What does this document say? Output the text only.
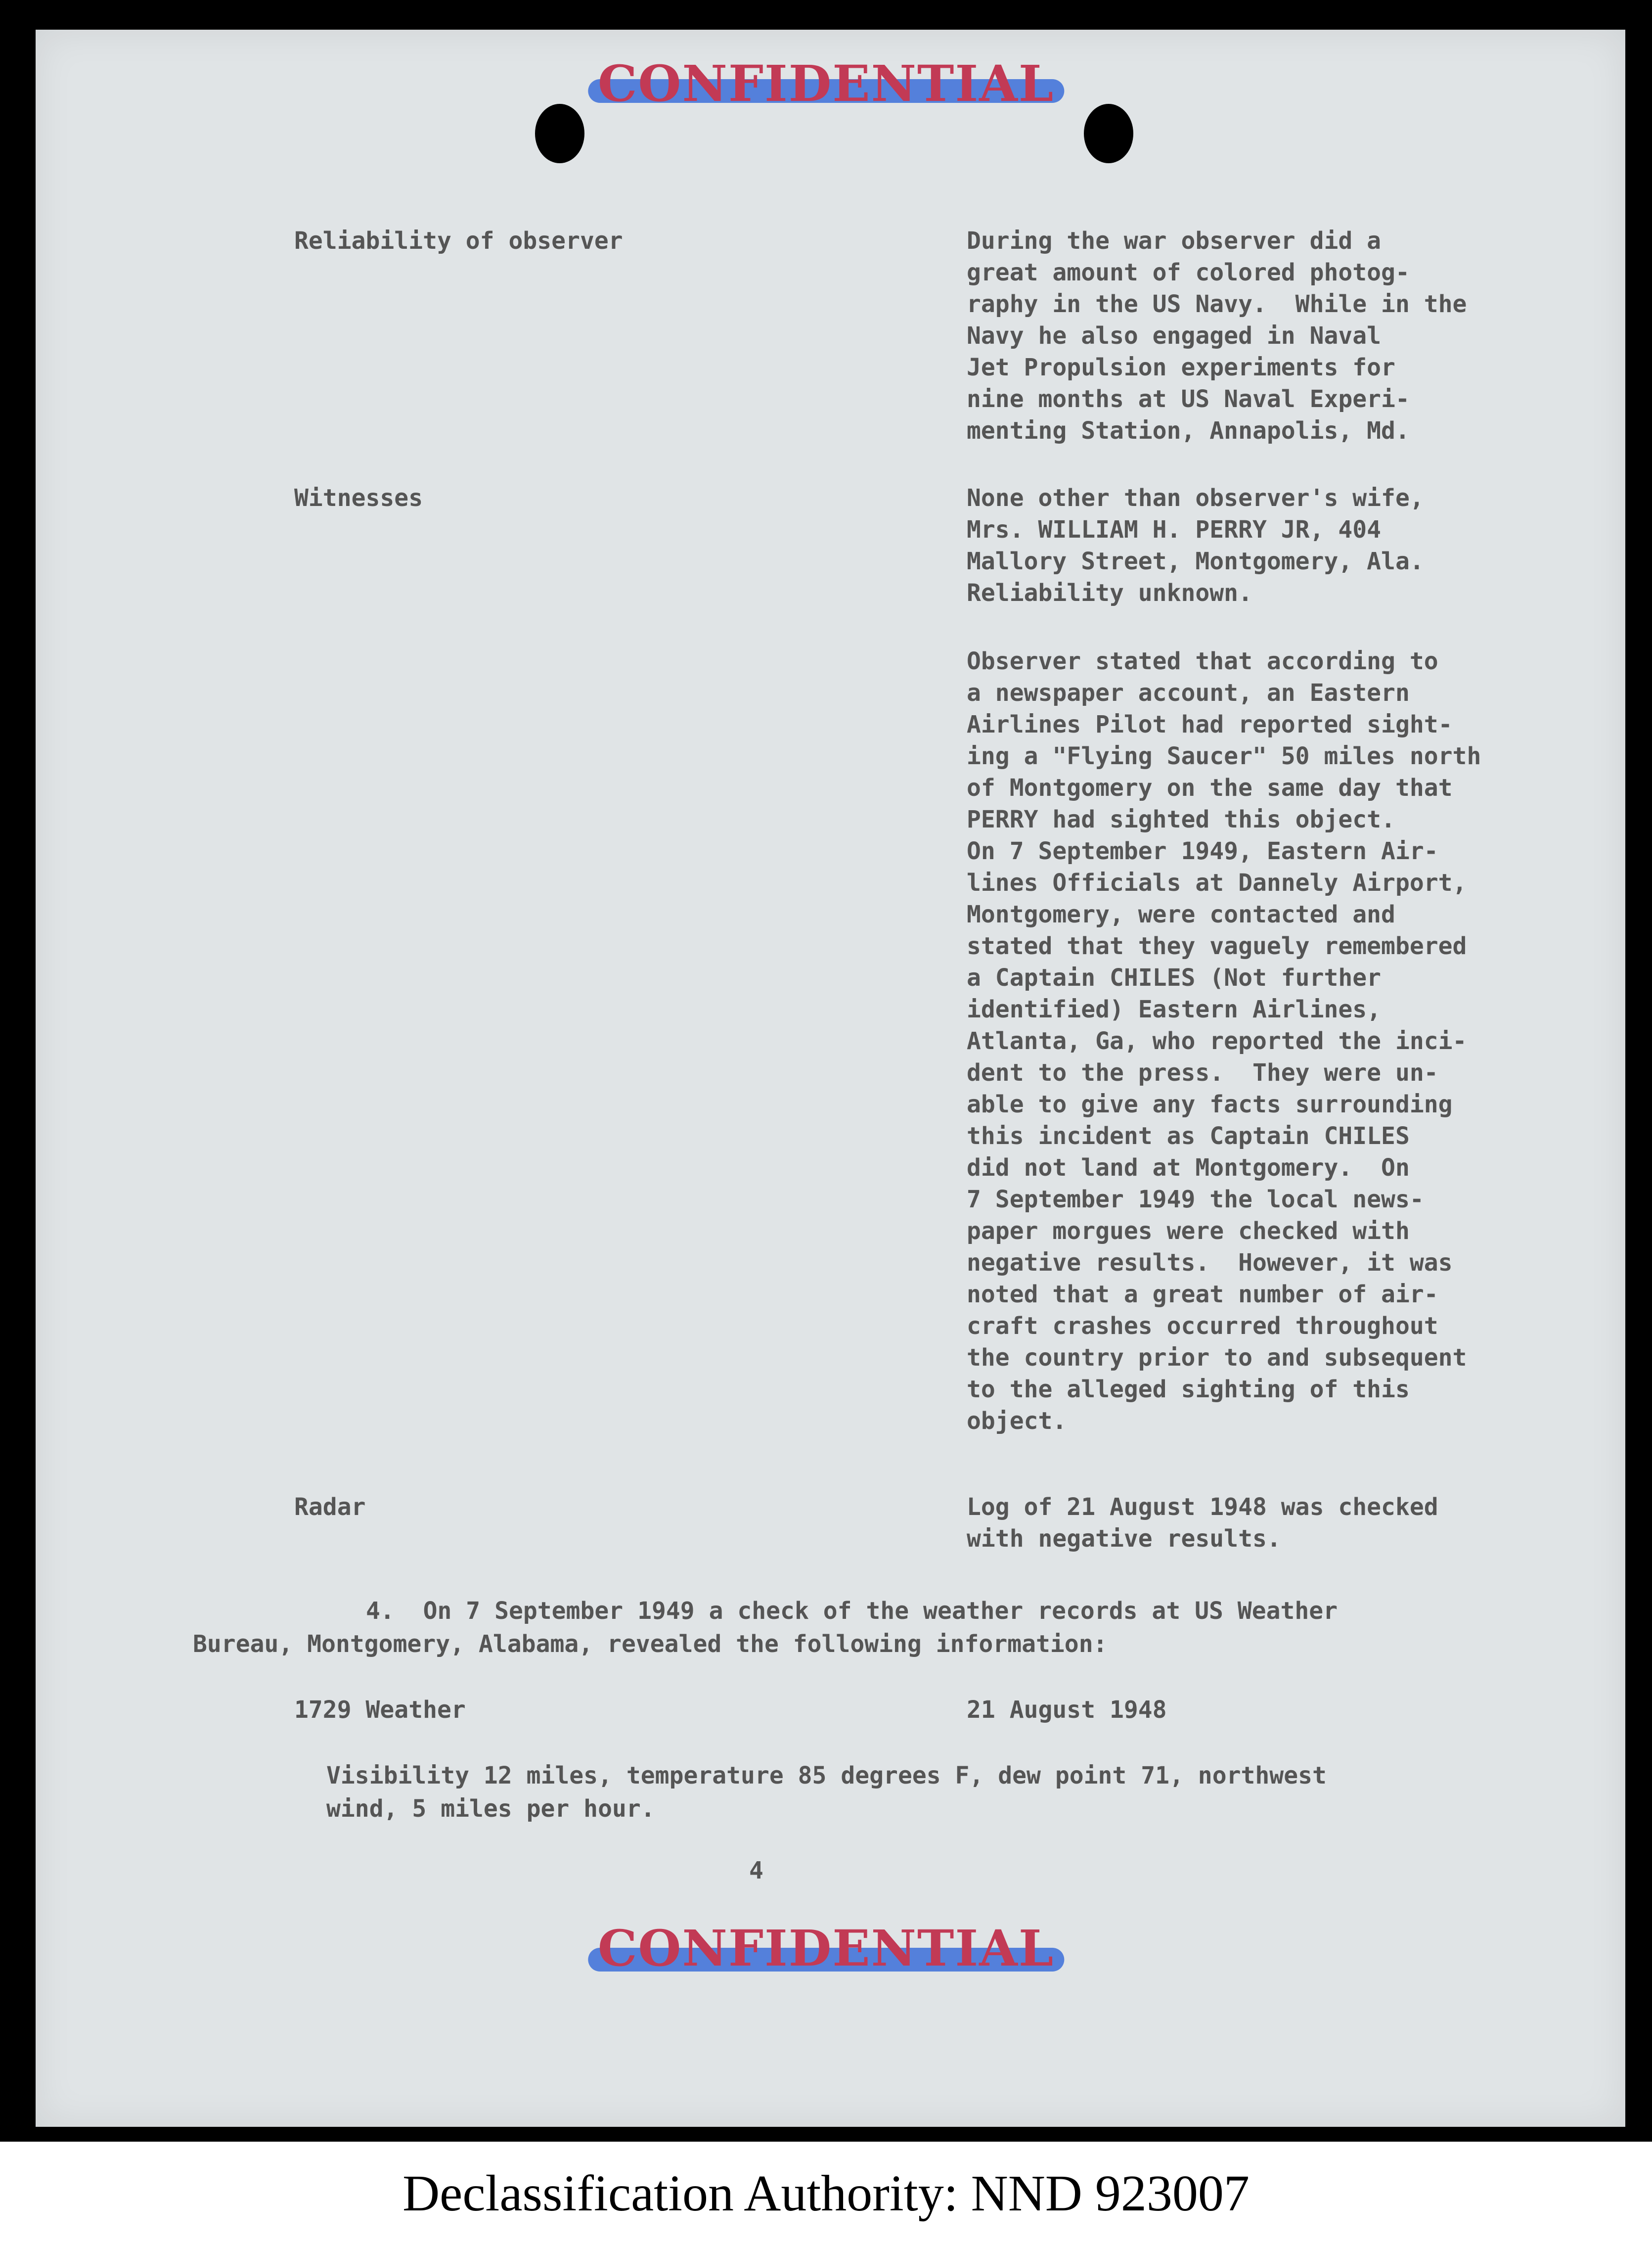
CONFIDENTIAL
Reliability of observer	During the war observer did a
great amount of colored photog-
raphy in the US Navy.  While in the
Navy he also engaged in Naval
Jet Propulsion experiments for
nine months at US Naval Experi-
menting Station, Annapolis, Md.
Witnesses	None other than observer's wife,
Mrs. WILLIAM H. PERRY JR, 404
Mallory Street, Montgomery, Ala.
Reliability unknown.
Observer stated that according to
a newspaper account, an Eastern
Airlines Pilot had reported sight-
ing a "Flying Saucer" 50 miles north
of Montgomery on the same day that
PERRY had sighted this object.
On 7 September 1949, Eastern Air-
lines Officials at Dannely Airport,
Montgomery, were contacted and
stated that they vaguely remembered
a Captain CHILES (Not further
identified) Eastern Airlines,
Atlanta, Ga, who reported the inci-
dent to the press.  They were un-
able to give any facts surrounding
this incident as Captain CHILES
did not land at Montgomery.  On
7 September 1949 the local news-
paper morgues were checked with
negative results.  However, it was
noted that a great number of air-
craft crashes occurred throughout
the country prior to and subsequent
to the alleged sighting of this
object.
Radar	Log of 21 August 1948 was checked
with negative results.
4.  On 7 September 1949 a check of the weather records at US Weather
Bureau, Montgomery, Alabama, revealed the following information:
1729 Weather	21 August 1948
Visibility 12 miles, temperature 85 degrees F, dew point 71, northwest
wind, 5 miles per hour.
4
CONFIDENTIAL
Declassification Authority: NND 923007
